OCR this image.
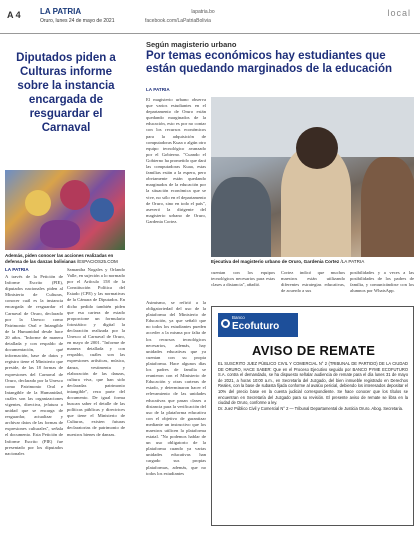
A 4 LA PATRIA
Oruro, lunes 24 de mayo de 2021
lapatria.bo
facebook.com/LaPatriaBolivia
local
Diputados piden a Culturas informe sobre la instancia encargada de resguardar el Carnaval
Además, piden conocer las acciones realizadas en defensa de las danzas bolivianas /ESPACIOS25.COM
LA PATRIA
A través de la Petición de Informe Escrito (PIE), diputados nacionales piden al Ministerio de Culturas, conocer cuál es la instancia encargada de resguardar el Carnaval de Oruro, declarado por la Unesco como Patrimonio Oral e Intangible de la Humanidad desde hace 20 años. "Informe de manera detallada y con respaldo de documentación, qué información, base de datos y registro tiene el Ministerio que preside, de las 18 formas de expresiones del Carnaval de Oruro, declarado por la Unesco como Patrimonio Oral e Intangible de la Humanidad, cuáles son las organizaciones vigentes, directiva, jefatura o unidad que se encarga de resguardar, actualizar y archivar datos de las formas de expresiones culturales", señala el documento. Esta Petición de Informe Escrito (PIE) fue presentado por los diputados nacionales
Samantha Nogales y Orlando Valle, en sujeción a lo normado por el Artículo 158 de la Constitución Política del Estado (CPE) y las normativas de la Cámara de Diputados. En dicho pedido también piden que esa cartera de estado proporcione un formulario fotostático y digital la declaración realizada por la Unesco al Carnaval de Oruro, en mayo de 2001. "Informe de manera detallada y con respaldo, cuáles son las expresiones artísticas, música, danza, vestimenta y elaboración de las danzas, cultura viva, que han sido declaradas patrimonio intangible", reza parte del documento. De igual forma buscan saber el detalle de las políticas públicas y directrices que tiene el Ministerio de Culturas, existen futuras declaratorias de patrimonio de nuestros bienes de danzas.
Según magisterio urbano
Por temas económicos hay estudiantes que están quedando marginados de la educación
LA PATRIA
El magisterio urbano observa que varios estudiantes en el departamento de Oruro están quedando marginados de la educación, esto es por no contar con los recursos económicos para la adquisición de computadoras Kuaa o algún otro equipo tecnológico avanzado por el Gobierno. "Cuando el Gobierno ha prometido que dará las computadoras Kuaa, estas familias están a la espera, pero obviamente están quedando marginados de la educación por la situación económica que se vive, no sólo en el departamento de Oruro, sino en todo el país", aseveró la dirigente del magisterio urbano de Oruro, Gardenia Cortez.
Asimismo, se refirió a la obligatoriedad del uso de la plataforma del Ministerio de Educación, ya que señaló que no todos los estudiantes pueden acceder a la misma por falta de los recursos tecnológicos necesarios, además, hay unidades educativas que ya cuentan con su propia plataforma. Hace algunos días los padres de familia se reunieron con el Ministerio de Educación y otras carteras de estado, y determinaron hacer el relevamiento de las unidades educativas que pasan clases a distancia para la verificación del uso de la plataforma educativa con el objetivo de garantizar mediante un instructivo que los maestros utilicen la plataforma estatal. "No podemos hablar de un uso obligatorio de la plataforma cuando ya varias unidades educativas han cargado sus propias plataformas, además, que no todos los estudiantes
Ejecutiva del magisterio urbano de Oruro, Gardenia Cortez /LA PATRIA
cuentan con los equipos tecnológicos necesarios para estas clases a distancia", añadió.
Cortez indicó que muchos maestros están utilizando diferentes estrategias educativas, de acuerdo a sus
posibilidades y a veces a las posibilidades de los padres de familia, y comunicándose con los alumnos por WhatsApp.
Banco
Ecofuturo
AVISO DE REMATE
EL SUSCRITO JUEZ PÚBLICO CIVIL Y COMERCIAL N° 2 (TRIBUNAL DE PARTIDO) DE LA CIUDAD DE ORURO, HACE SABER: Que en el Proceso Ejecutivo seguido por BANCO PYME ECOFUTURO S.A. contra el demandado, se ha dispuesto señalar audiencia de remate para el día lunes 31 de mayo de 2021, a horas 10:00 a.m., en Secretaría del Juzgado, del bien inmueble registrado en Derechos Reales, con la base de subasta fijada conforme al avalúo pericial, debiendo los interesados depositar el 10% del precio base en la cuenta judicial correspondiente. Se hace conocer que los títulos se encuentran en Secretaría del Juzgado para su revisión. El presente aviso de remate se libra en la ciudad de Oruro, conforme a ley.
Dr. Juez Público Civil y Comercial N° 2 — Tribunal Departamental de Justicia Oruro. Abog. Secretaria.
